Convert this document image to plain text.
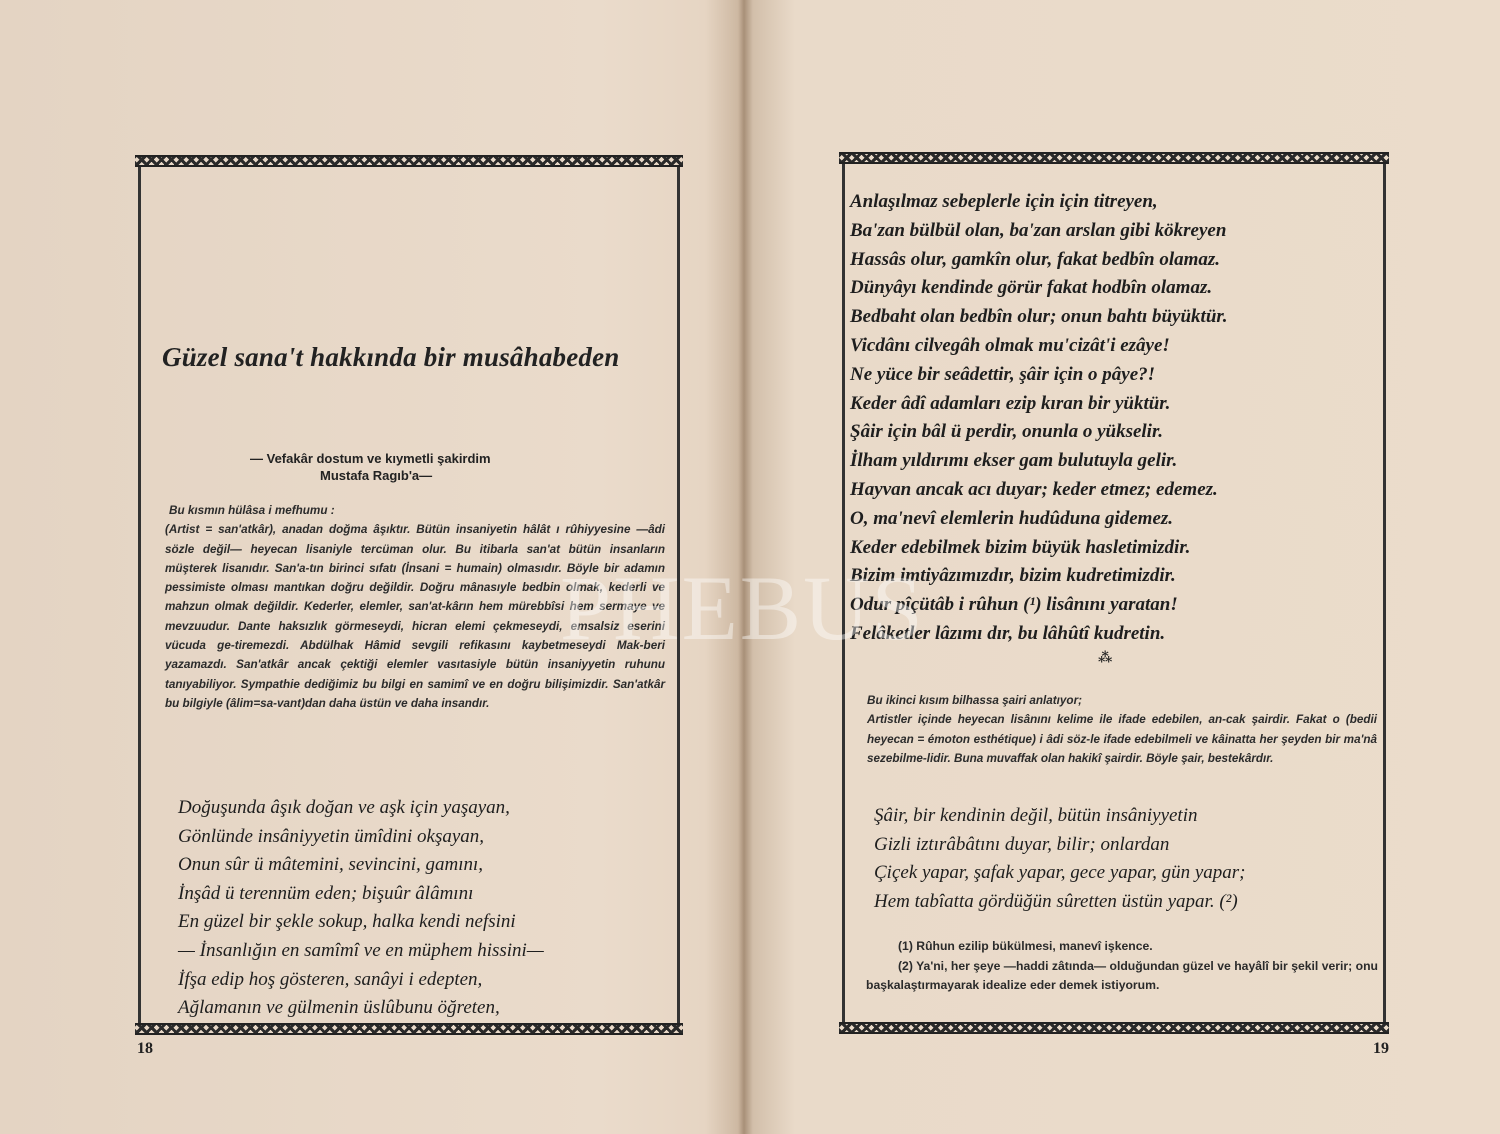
Güzel sana't hakkında bir musâhabeden
— Vefakâr dostum ve kıymetli şakirdim
Mustafa Ragıb'a—
Bu kısmın hülâsa i mefhumu :
(Artist = san'atkâr), anadan doğma âşıktır. Bütün insaniyetin hâlât ı rûhiyyesine —âdi sözle değil— heyecan lisaniyle tercüman olur. Bu itibarla san'at bütün insanların müşterek lisanıdır. San'a-tın birinci sıfatı (İnsani = humain) olmasıdır. Böyle bir adamın pessimiste olması mantıkan doğru değildir. Doğru mânasıyle bedbin olmak, kederli ve mahzun olmak değildir. Kederler, elemler, san'at-kârın hem mürebbîsi hem sermaye ve mevzuudur. Dante haksızlık görmeseydi, hicran elemi çekmeseydi, emsalsiz eserini vücuda ge-tiremezdi. Abdülhak Hâmid sevgili refikasını kaybetmeseydi Mak-beri yazamazdı. San'atkâr ancak çektiği elemler vasıtasiyle bütün insaniyyetin ruhunu tanıyabiliyor. Sympathie dediğimiz bu bilgi en samimî ve en doğru bilişimizdir. San'atkâr bu bilgiyle (âlim=sa-vant)dan daha üstün ve daha insandır.
Doğuşunda âşık doğan ve aşk için yaşayan,
Gönlünde insâniyyetin ümîdini okşayan,
Onun sûr ü mâtemini, sevincini, gamını,
İnşâd ü terennüm eden; bişuûr âlâmını
En güzel bir şekle sokup, halka kendi nefsini
— İnsanlığın en samîmî ve en müphem hissini—
İfşa edip hoş gösteren, sanâyi i edepten,
Ağlamanın ve gülmenin üslûbunu öğreten,
18
Anlaşılmaz sebeplerle için için titreyen,
Ba'zan bülbül olan, ba'zan arslan gibi kökreyen
Hassâs olur, gamkîn olur, fakat bedbîn olamaz.
Dünyâyı kendinde görür fakat hodbîn olamaz.
Bedbaht olan bedbîn olur; onun bahtı büyüktür.
Vicdânı cilvegâh olmak mu'cizât'i ezâye!
Ne yüce bir seâdettir, şâir için o pâye?!
Keder âdî adamları ezip kıran bir yüktür.
Şâir için bâl ü perdir, onunla o yükselir.
İlham yıldırımı ekser gam bulutuyla gelir.
Hayvan ancak acı duyar; keder etmez; edemez.
O, ma'nevî elemlerin hudûduna gidemez.
Keder edebilmek bizim büyük hasletimizdir.
Bizim imtiyâzımızdır, bizim kudretimizdir.
Odur pîçütâb i rûhun (¹) lisânını yaratan!
Felâketler lâzımı dır, bu lâhûtî kudretin.
⁂
Bu ikinci kısım bilhassa şairi anlatıyor;
Artistler içinde heyecan lisânını kelime ile ifade edebilen, an-cak şairdir. Fakat o (bedii heyecan = émoton esthétique) i âdi söz-le ifade edebilmeli ve kâinatta her şeyden bir ma'nâ sezebilme-lidir. Buna muvaffak olan hakikî şairdir. Böyle şair, bestekârdır.
Şâir, bir kendinin değil, bütün insâniyyetin
Gizli iztırâbâtını duyar, bilir; onlardan
Çiçek yapar, şafak yapar, gece yapar, gün yapar;
Hem tabîatta gördüğün sûretten üstün yapar. (²)
(1) Rûhun ezilip bükülmesi, manevî işkence.
(2) Ya'ni, her şeye —haddi zâtında— olduğundan güzel ve hayâlî bir şekil verir; onu başkalaştırmayarak idealize eder demek istiyorum.
19
PHEBUS
